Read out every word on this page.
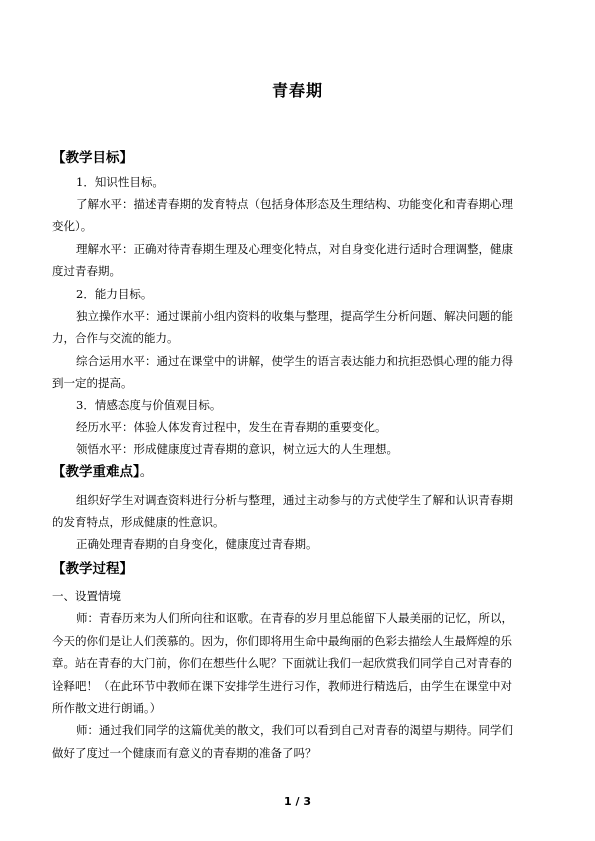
青春期
【教学目标】
1．知识性目标。
了解水平：描述青春期的发育特点（包括身体形态及生理结构、功能变化和青春期心理
变化）。
理解水平：正确对待青春期生理及心理变化特点，对自身变化进行适时合理调整，健康
度过青春期。
2．能力目标。
独立操作水平：通过课前小组内资料的收集与整理，提高学生分析问题、解决问题的能
力，合作与交流的能力。
综合运用水平：通过在课堂中的讲解，使学生的语言表达能力和抗拒恐惧心理的能力得
到一定的提高。
3．情感态度与价值观目标。
经历水平：体验人体发育过程中，发生在青春期的重要变化。
领悟水平：形成健康度过青春期的意识，树立远大的人生理想。
【教学重难点】。
组织好学生对调查资料进行分析与整理，通过主动参与的方式使学生了解和认识青春期
的发育特点，形成健康的性意识。
正确处理青春期的自身变化，健康度过青春期。
【教学过程】
一、设置情境
师：青春历来为人们所向往和讴歌。在青春的岁月里总能留下人最美丽的记忆，所以，
今天的你们是让人们羡慕的。因为，你们即将用生命中最绚丽的色彩去描绘人生最辉煌的乐
章。站在青春的大门前，你们在想些什么呢？下面就让我们一起欣赏我们同学自己对青春的
诠释吧！（在此环节中教师在课下安排学生进行习作，教师进行精选后，由学生在课堂中对
所作散文进行朗诵。）
师：通过我们同学的这篇优美的散文，我们可以看到自己对青春的渴望与期待。同学们
做好了度过一个健康而有意义的青春期的准备了吗？
1 / 3
